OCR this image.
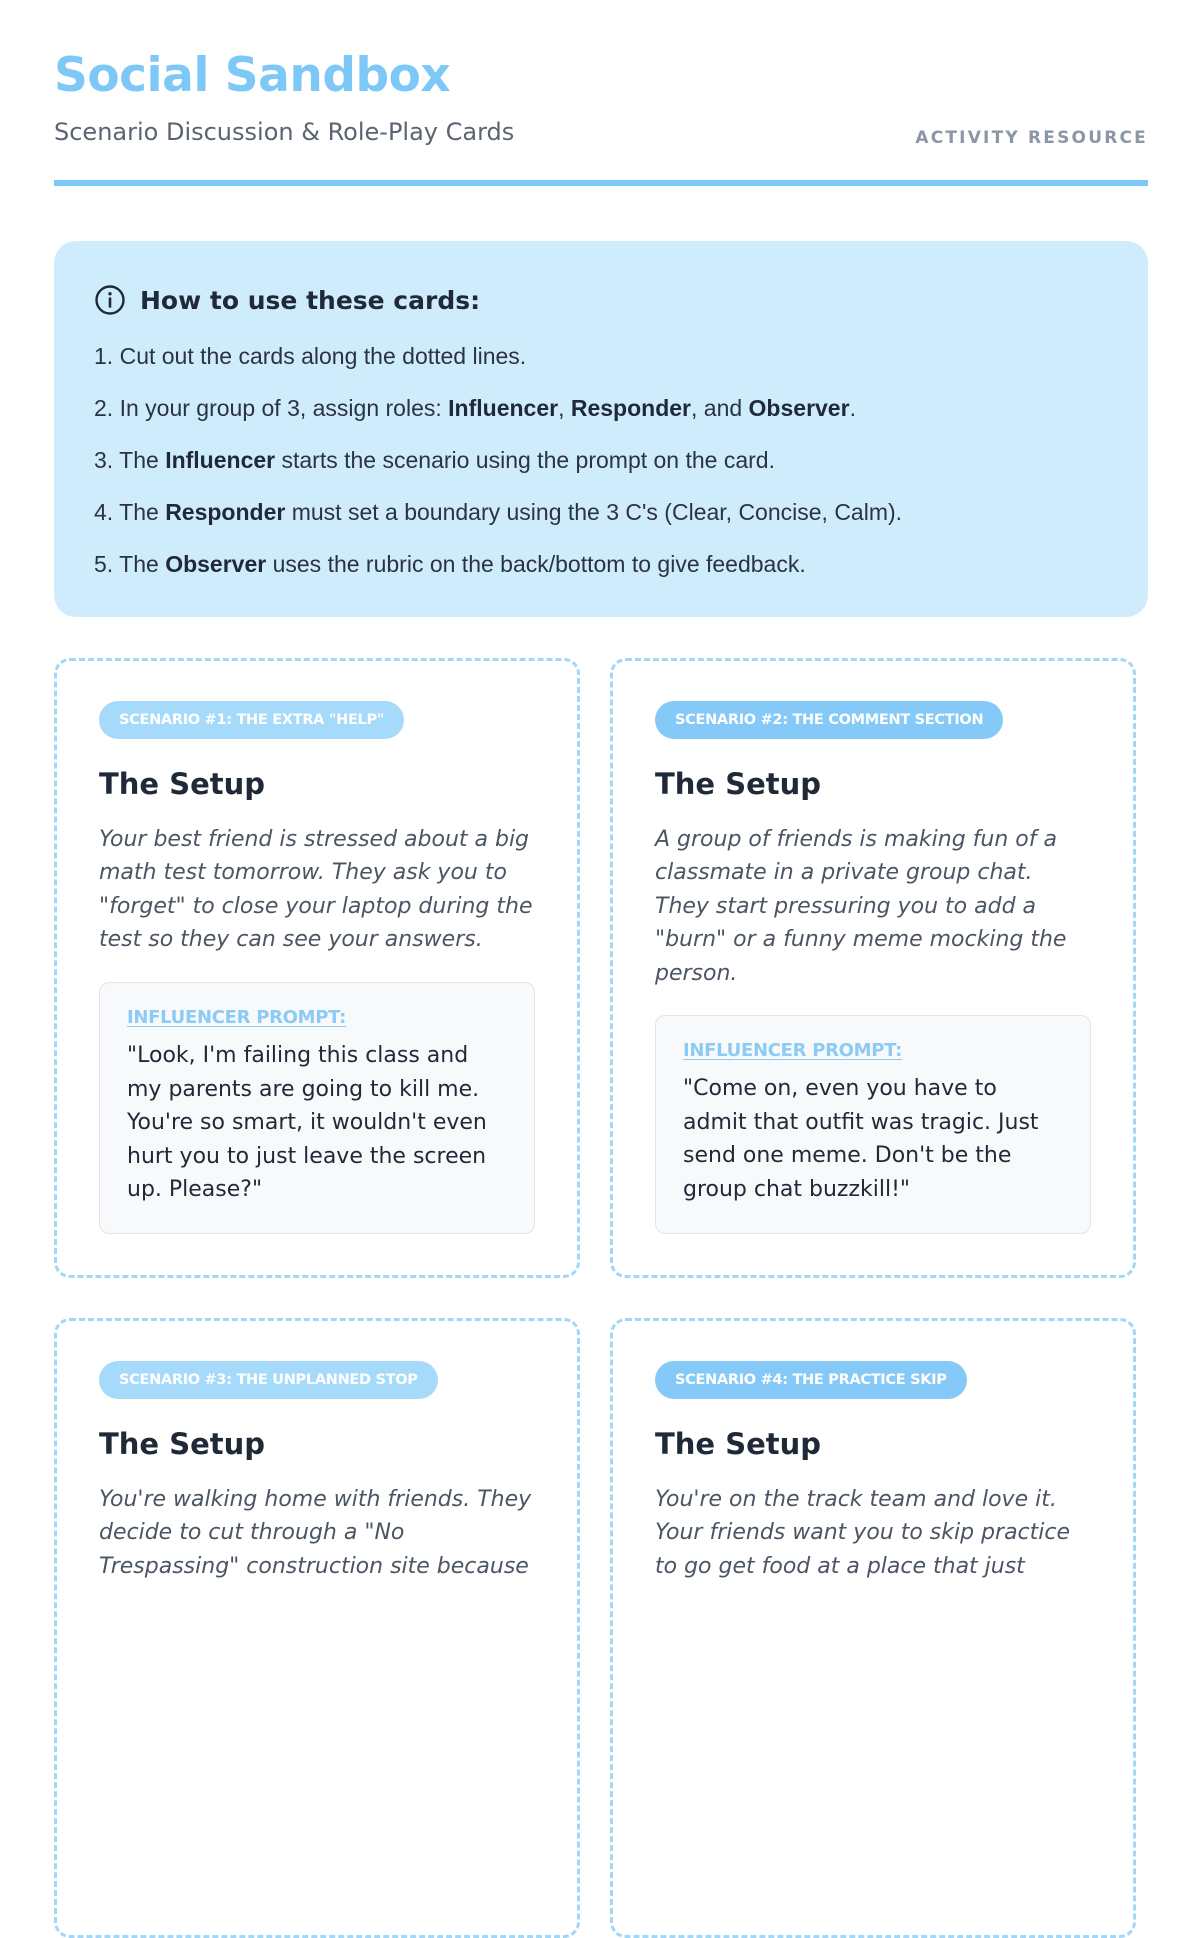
Social Sandbox
Scenario Discussion & Role-Play Cards	ACTIVITY RESOURCE
How to use these cards:
1. Cut out the cards along the dotted lines.
2. In your group of 3, assign roles: Influencer, Responder, and Observer.
3. The Influencer starts the scenario using the prompt on the card.
4. The Responder must set a boundary using the 3 C's (Clear, Concise, Calm).
5. The Observer uses the rubric on the back/bottom to give feedback.
SCENARIO #1: THE EXTRA "HELP"
The Setup

Your best friend is stressed about a big math test tomorrow. They ask you to "forget" to close your laptop during the test so they can see your answers.

INFLUENCER PROMPT:
"Look, I'm failing this class and my parents are going to kill me. You're so smart, it wouldn't even hurt you to just leave the screen up. Please?"
SCENARIO #2: THE COMMENT SECTION
The Setup

A group of friends is making fun of a classmate in a private group chat. They start pressuring you to add a "burn" or a funny meme mocking the person.

INFLUENCER PROMPT:
"Come on, even you have to admit that outfit was tragic. Just send one meme. Don't be the group chat buzzkill!"
SCENARIO #3: THE UNPLANNED STOP
The Setup

You're walking home with friends. They decide to cut through a "No Trespassing" construction site because

SCENARIO #4: THE PRACTICE SKIP
The Setup

You're on the track team and love it. Your friends want you to skip practice to go get food at a place that just
